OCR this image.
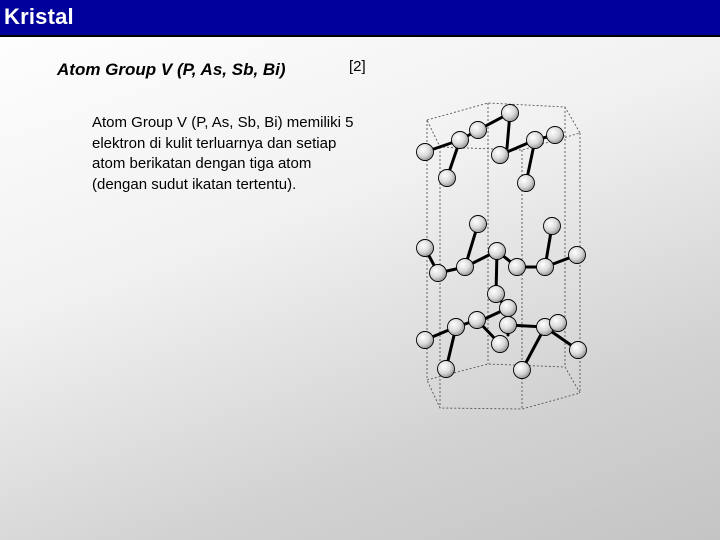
Kristal
Atom Group V (P, As, Sb, Bi)	[2]
Atom Group V (P, As, Sb, Bi) memiliki 5 elektron di kulit terluarnya dan setiap atom berikatan dengan tiga atom (dengan sudut ikatan tertentu).
